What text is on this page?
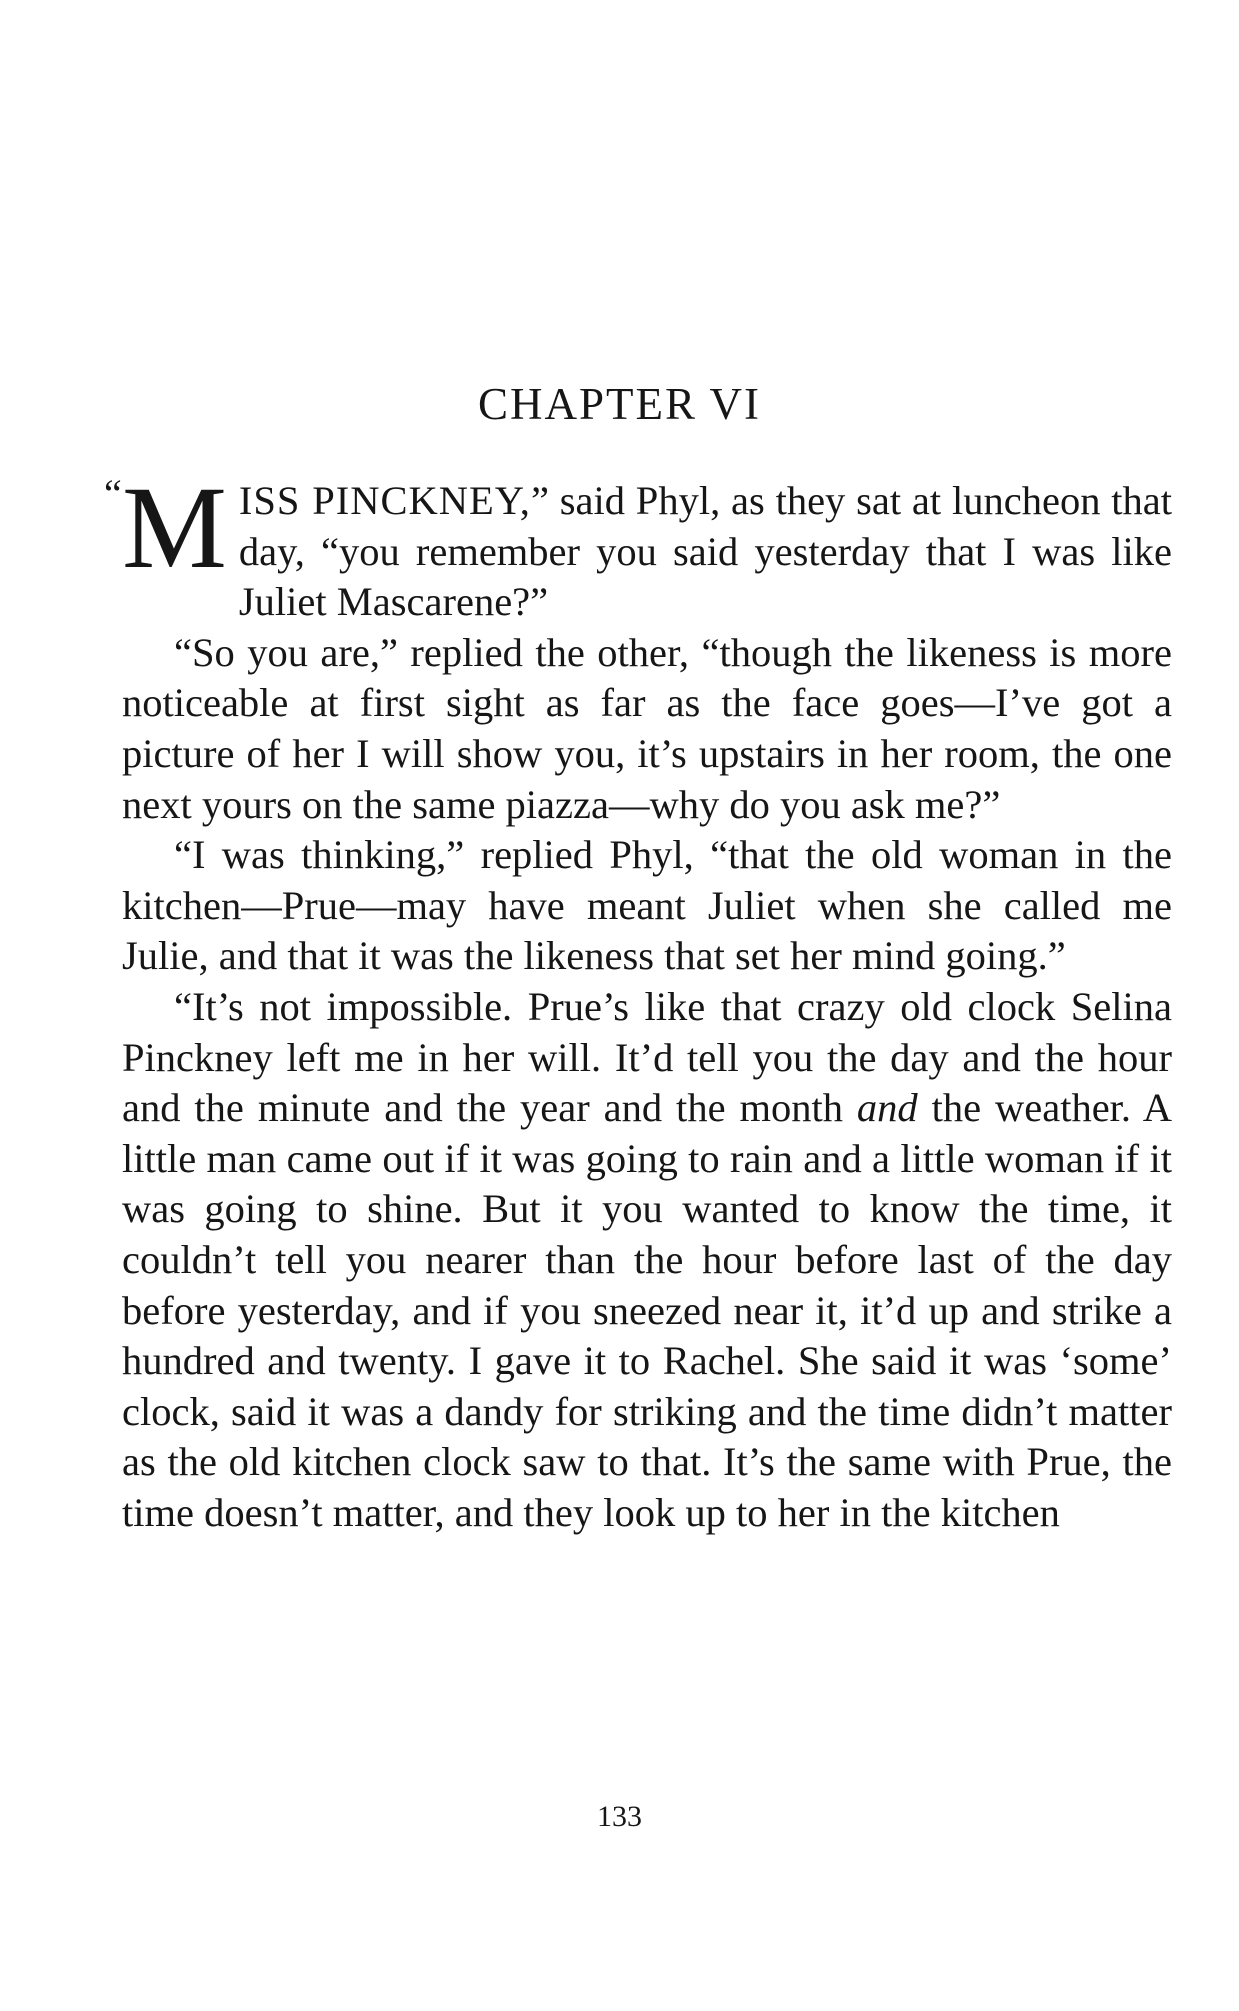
CHAPTER VI

“ M ISS PINCKNEY,” said Phyl, as they sat at luncheon that day, “you remember you said yesterday that I was like Juliet Mascarene?”

“So you are,” replied the other, “though the likeness is more noticeable at first sight as far as the face goes—I’ve got a picture of her I will show you, it’s upstairs in her room, the one next yours on the same piazza—why do you ask me?”

“I was thinking,” replied Phyl, “that the old woman in the kitchen—Prue—may have meant Juliet when she called me Julie, and that it was the likeness that set her mind going.”

“It’s not impossible. Prue’s like that crazy old clock Selina Pinckney left me in her will. It’d tell you the day and the hour and the minute and the year and the month and the weather. A little man came out if it was going to rain and a little woman if it was going to shine. But it you wanted to know the time, it couldn’t tell you nearer than the hour before last of the day before yesterday, and if you sneezed near it, it’d up and strike a hundred and twenty. I gave it to Rachel. She said it was ‘some’ clock, said it was a dandy for striking and the time didn’t matter as the old kitchen clock saw to that. It’s the same with Prue, the time doesn’t matter, and they look up to her in the kitchen

133
